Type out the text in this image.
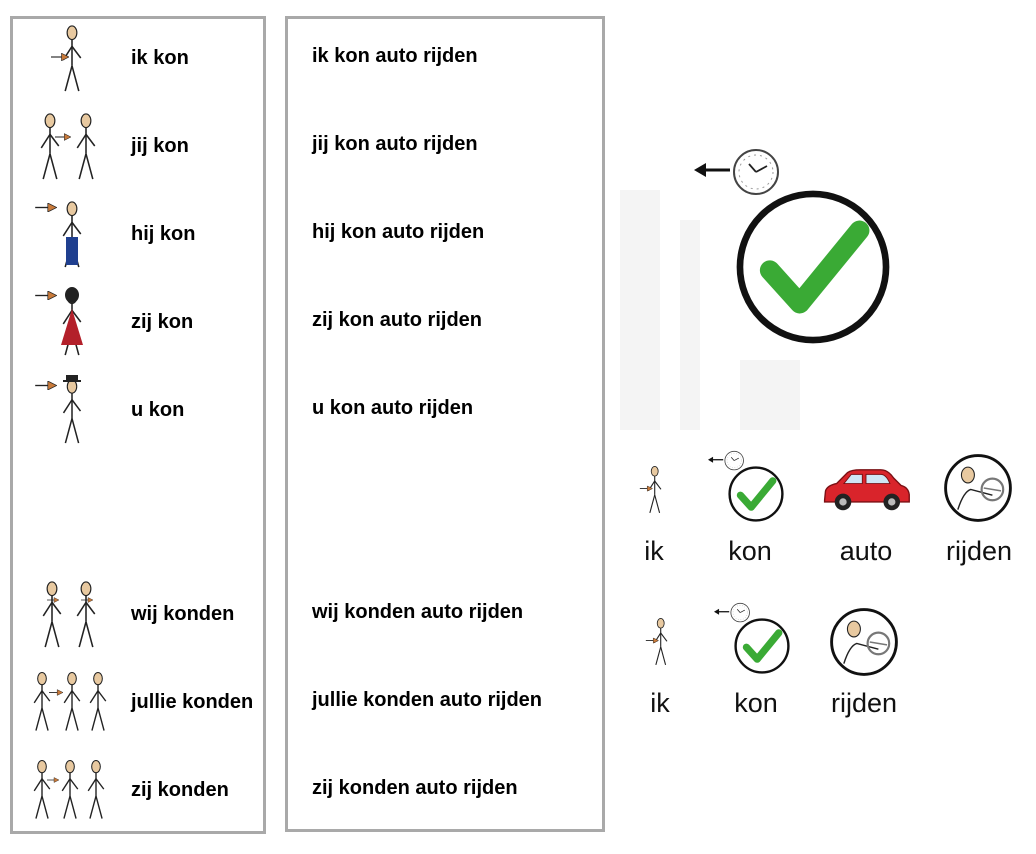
ik kon
jij kon
hij kon
zij kon
u kon
wij konden
jullie konden
zij konden
ik kon auto rijden
jij kon auto rijden
hij kon auto rijden
zij kon auto rijden
u kon auto rijden
wij konden auto rijden
jullie konden auto rijden
zij konden auto rijden
ik	kon	auto	rijden
ik	kon	rijden
